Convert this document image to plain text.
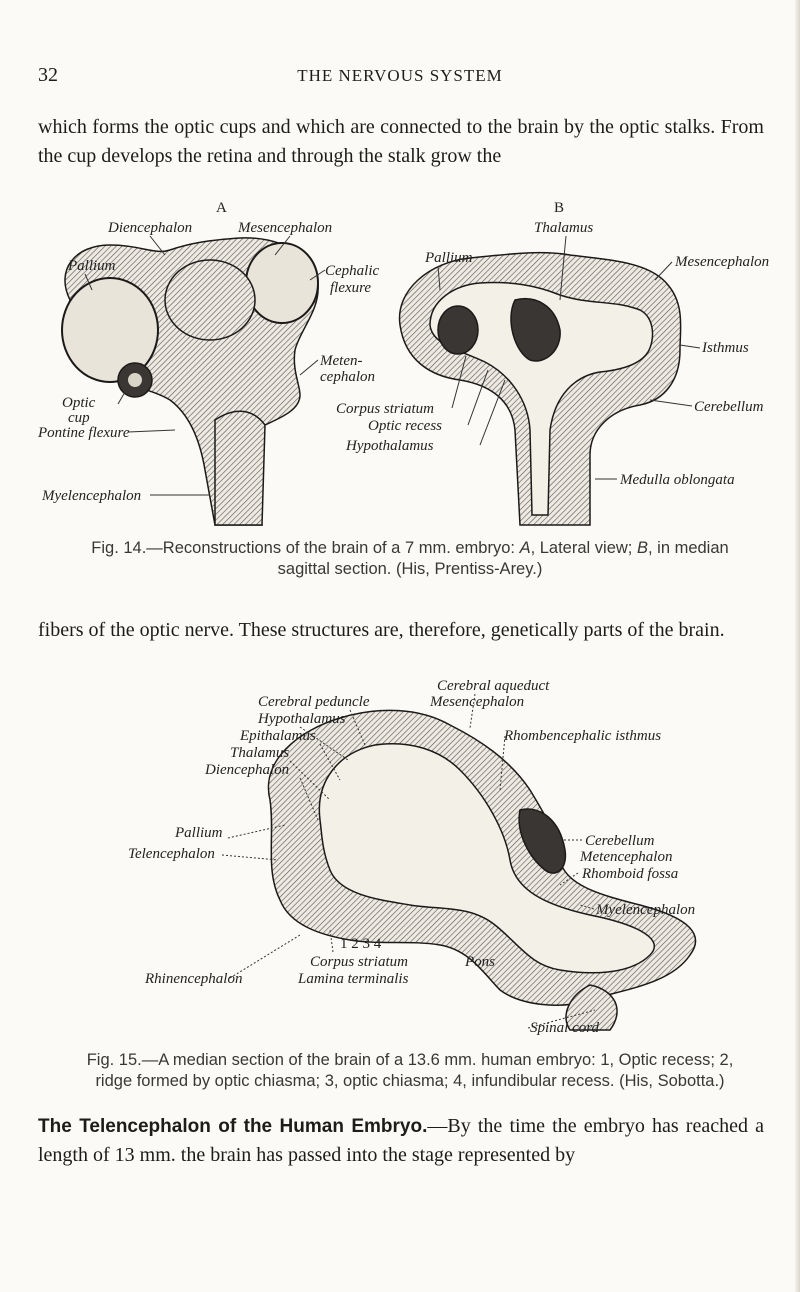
32	THE NERVOUS SYSTEM

which forms the optic cups and which are connected to the brain by the optic stalks. From the cup develops the retina and through the stalk grow the

A
Diencephalon	Mesencephalon
Pallium	Cephalic
flexure
Optic
cup
Pontine flexure
Meten-
cephalon
Myelencephalon
B
Thalamus
Pallium	Mesencephalon
Isthmus
Corpus striatum
Optic recess
Hypothalamus
Cerebellum
Medulla oblongata
Fig. 14.—Reconstructions of the brain of a 7 mm. embryo: A, Lateral view; B, in median sagittal section. (His, Prentiss-Arey.)

fibers of the optic nerve. These structures are, therefore, genetically parts of the brain.

Cerebral aqueduct
Cerebral peduncle	Mesencephalon
Hypothalamus
Epithalamus
Thalamus
Diencephalon
Rhombencephalic isthmus
Pallium
Telencephalon
Cerebellum
Metencephalon
Rhomboid fossa
Myelencephalon
1 2 3 4
Corpus striatum	Pons
Rhinencephalon	Lamina terminalis
Spinal cord
Fig. 15.—A median section of the brain of a 13.6 mm. human embryo: 1, Optic recess; 2, ridge formed by optic chiasma; 3, optic chiasma; 4, infundibular recess. (His, Sobotta.)

The Telencephalon of the Human Embryo.—By the time the embryo has reached a length of 13 mm. the brain has passed into the stage represented by
